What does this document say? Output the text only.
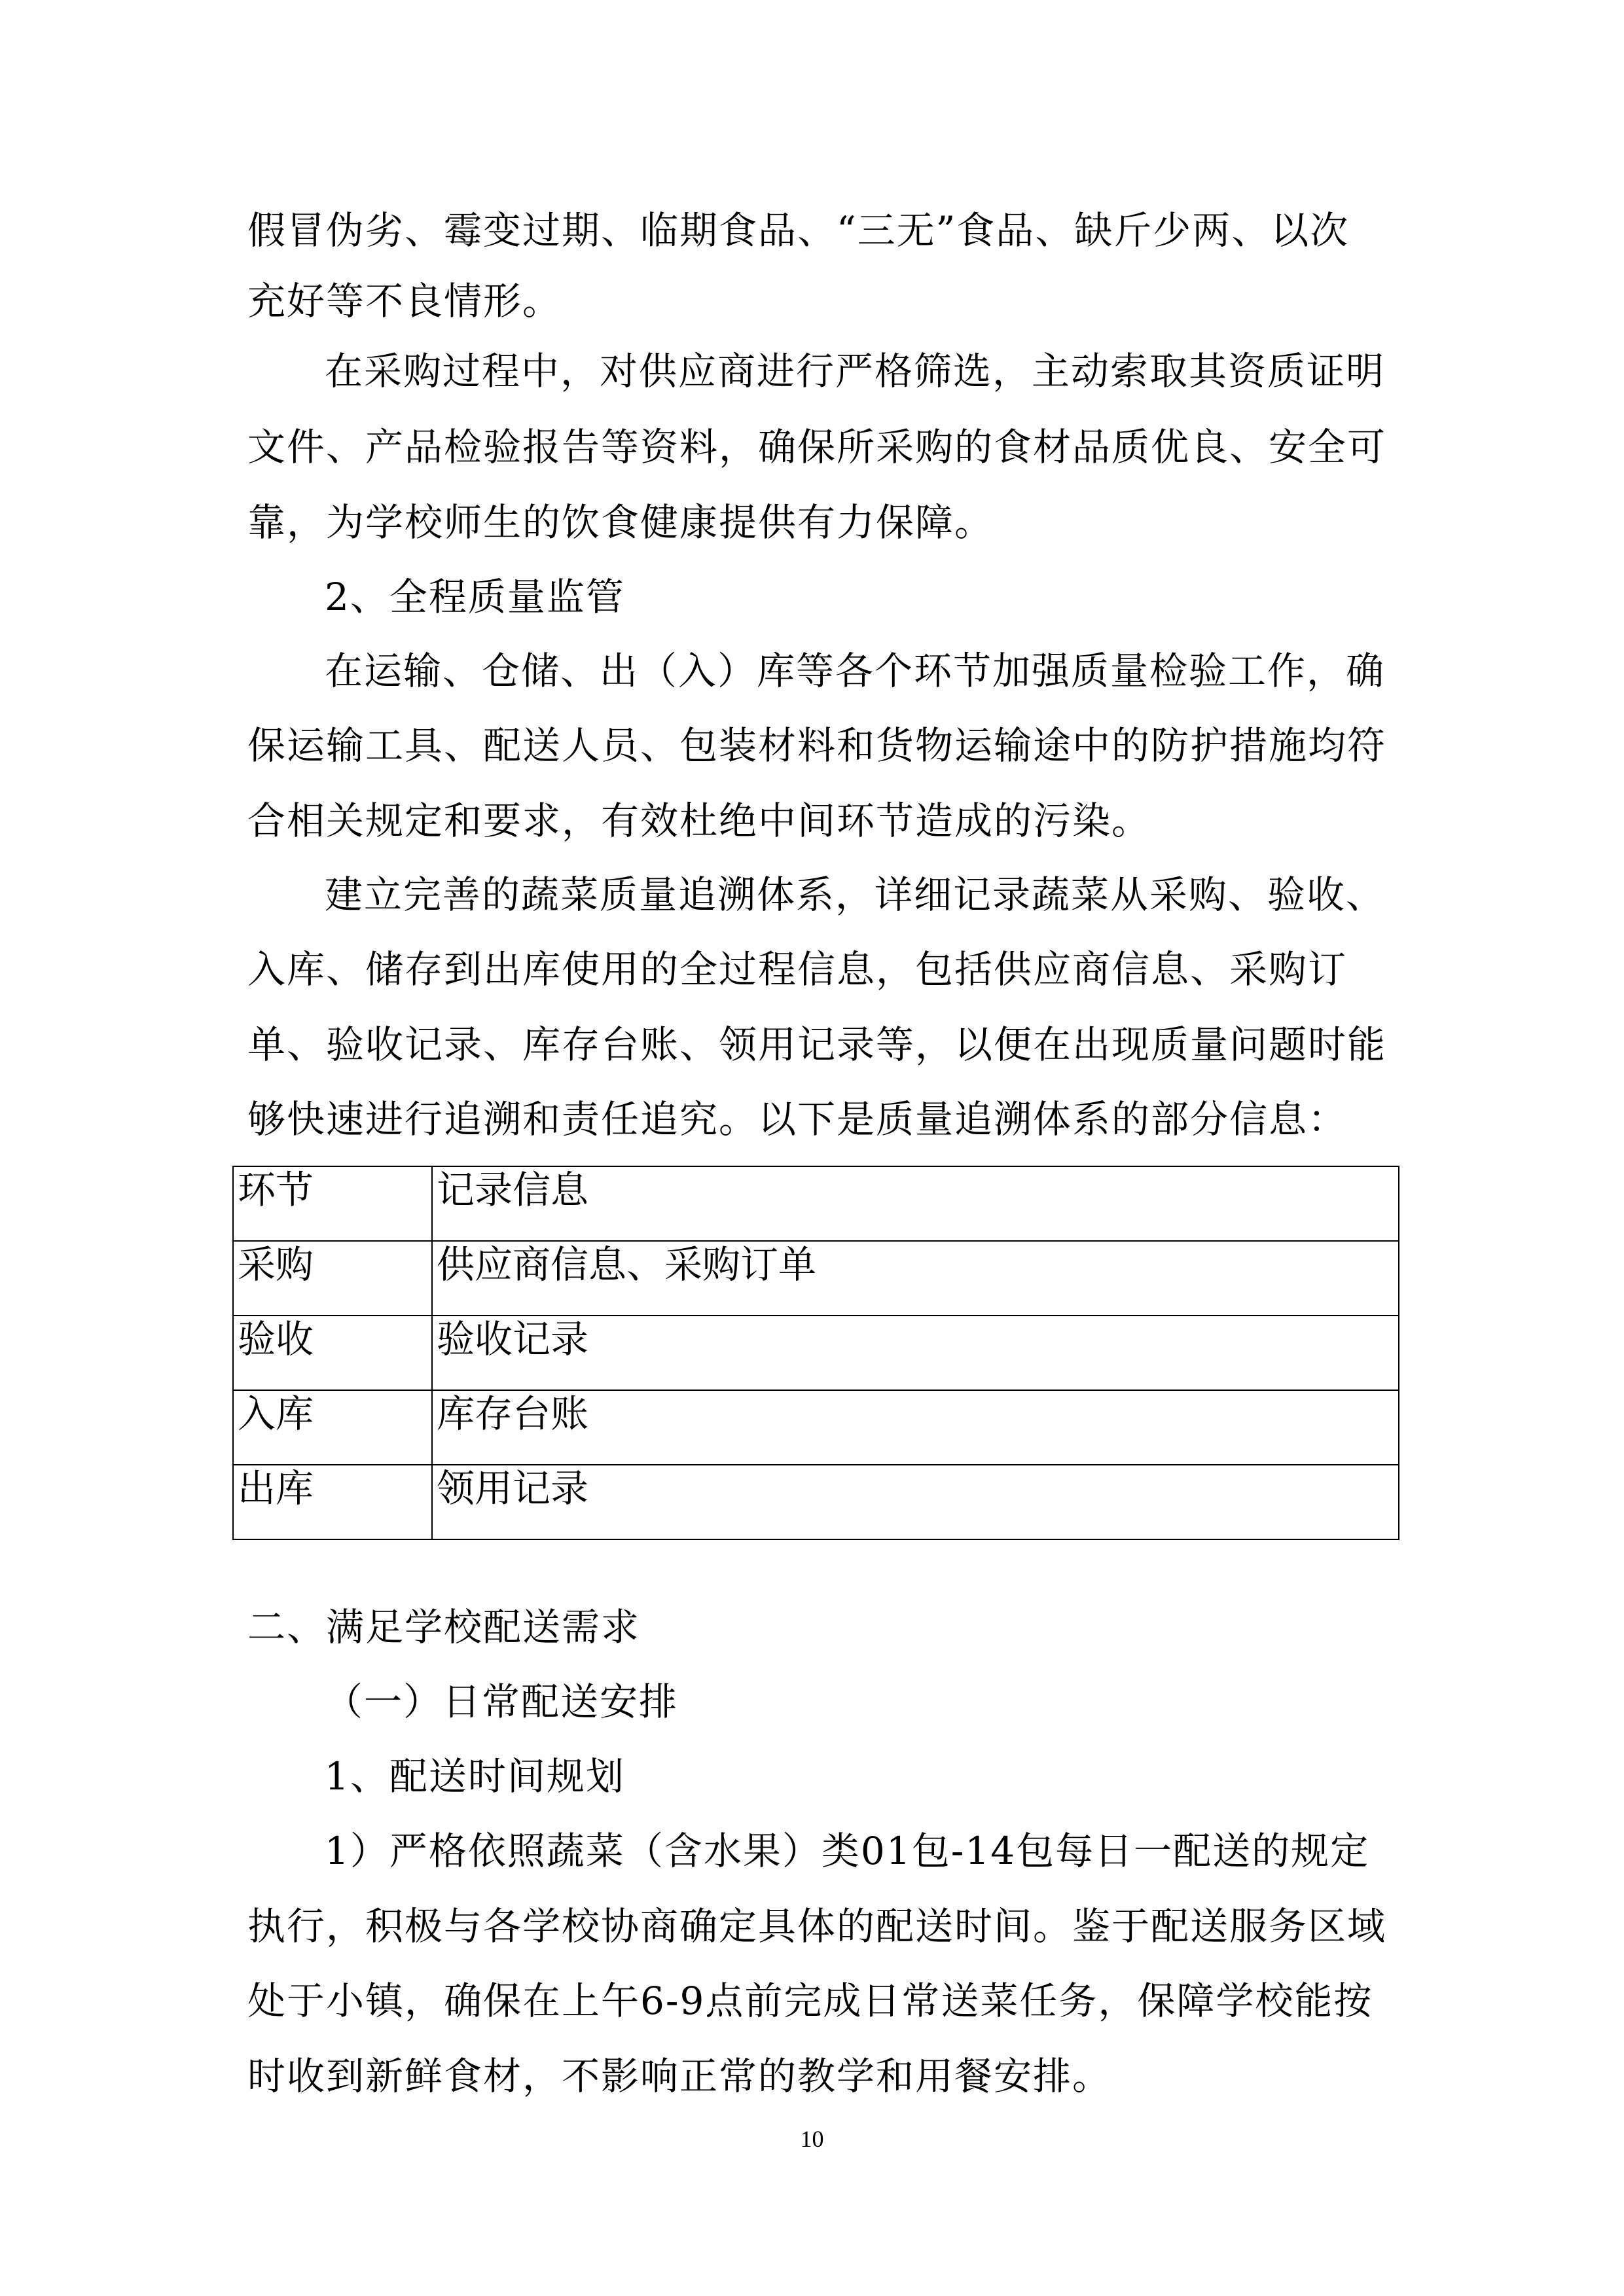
假冒伪劣、霉变过期、临期食品、“三无”食品、缺斤少两、以次
充好等不良情形。
在采购过程中，对供应商进行严格筛选，主动索取其资质证明
文件、产品检验报告等资料，确保所采购的食材品质优良、安全可
靠，为学校师生的饮食健康提供有力保障。
2、全程质量监管
在运输、仓储、出（入）库等各个环节加强质量检验工作，确
保运输工具、配送人员、包装材料和货物运输途中的防护措施均符
合相关规定和要求，有效杜绝中间环节造成的污染。
建立完善的蔬菜质量追溯体系，详细记录蔬菜从采购、验收、
入库、储存到出库使用的全过程信息，包括供应商信息、采购订
单、验收记录、库存台账、领用记录等，以便在出现质量问题时能
够快速进行追溯和责任追究。以下是质量追溯体系的部分信息：
环节	记录信息
采购	供应商信息、采购订单
验收	验收记录
入库	库存台账
出库	领用记录
二、满足学校配送需求
（一）日常配送安排
1、配送时间规划
1）严格依照蔬菜（含水果）类01包-14包每日一配送的规定
执行，积极与各学校协商确定具体的配送时间。鉴于配送服务区域
处于小镇，确保在上午6-9点前完成日常送菜任务，保障学校能按
时收到新鲜食材，不影响正常的教学和用餐安排。
10
